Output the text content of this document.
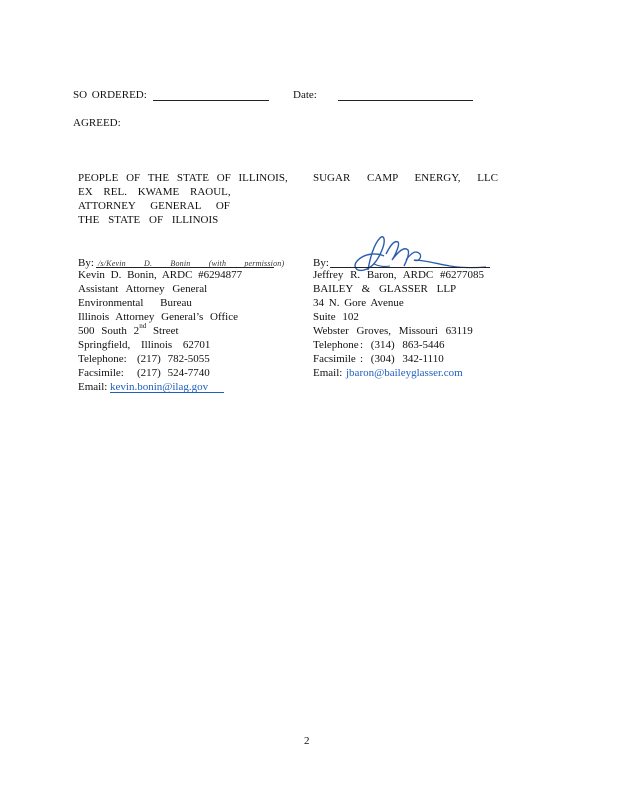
SO ORDERED:	Date:
AGREED:
PEOPLE OF THE STATE OF ILLINOIS,
EX REL. KWAME RAOUL,
ATTORNEY GENERAL OF
THE STATE OF ILLINOIS
By: /s/Kevin D. Bonin (with permission)
Kevin D. Bonin, ARDC #6294877
Assistant Attorney General
Environmental Bureau
Illinois Attorney General’s Office
500 South 2nd Street
Springfield, Illinois 62701
Telephone: (217) 782-5055
Facsimile: (217) 524-7740
Email: kevin.bonin@ilag.gov
SUGAR CAMP ENERGY, LLC
By:
Jeffrey R. Baron, ARDC #6277085
BAILEY & GLASSER LLP
34 N. Gore Avenue
Suite 102
Webster Groves, Missouri 63119
Telephone : (314) 863-5446
Facsimile : (304) 342-1110
Email: jbaron@baileyglasser.com
2
